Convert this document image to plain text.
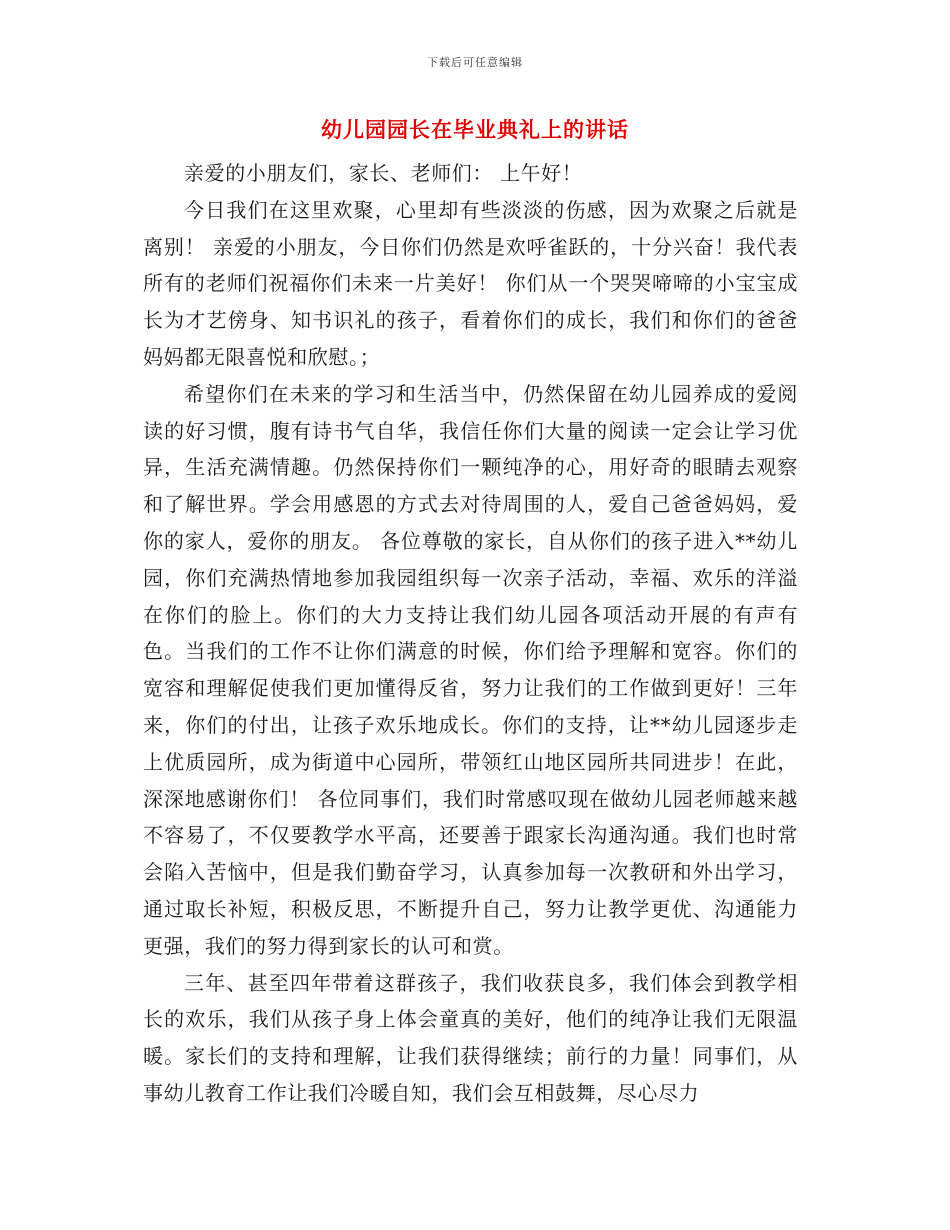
下载后可任意编辑
幼儿园园长在毕业典礼上的讲话

亲爱的小朋友们，家长、老师们： 上午好！

今日我们在这里欢聚，心里却有些淡淡的伤感，因为欢聚之后就是离别！ 亲爱的小朋友，今日你们仍然是欢呼雀跃的，十分兴奋！我代表所有的老师们祝福你们未来一片美好！ 你们从一个哭哭啼啼的小宝宝成长为才艺傍身、知书识礼的孩子，看着你们的成长，我们和你们的爸爸妈妈都无限喜悦和欣慰。；

希望你们在未来的学习和生活当中，仍然保留在幼儿园养成的爱阅读的好习惯，腹有诗书气自华，我信任你们大量的阅读一定会让学习优异，生活充满情趣。仍然保持你们一颗纯净的心，用好奇的眼睛去观察和了解世界。学会用感恩的方式去对待周围的人，爱自己爸爸妈妈，爱你的家人，爱你的朋友。 各位尊敬的家长，自从你们的孩子进入**幼儿园，你们充满热情地参加我园组织每一次亲子活动，幸福、欢乐的洋溢在你们的脸上。你们的大力支持让我们幼儿园各项活动开展的有声有色。当我们的工作不让你们满意的时候，你们给予理解和宽容。你们的宽容和理解促使我们更加懂得反省，努力让我们的工作做到更好！三年来，你们的付出，让孩子欢乐地成长。你们的支持，让**幼儿园逐步走上优质园所，成为街道中心园所，带领红山地区园所共同进步！在此，深深地感谢你们！ 各位同事们，我们时常感叹现在做幼儿园老师越来越不容易了，不仅要教学水平高，还要善于跟家长沟通沟通。我们也时常会陷入苦恼中，但是我们勤奋学习，认真参加每一次教研和外出学习，通过取长补短，积极反思，不断提升自己，努力让教学更优、沟通能力更强，我们的努力得到家长的认可和赏。

三年、甚至四年带着这群孩子，我们收获良多，我们体会到教学相长的欢乐，我们从孩子身上体会童真的美好，他们的纯净让我们无限温暖。家长们的支持和理解，让我们获得继续；前行的力量！同事们，从事幼儿教育工作让我们冷暖自知，我们会互相鼓舞，尽心尽力
